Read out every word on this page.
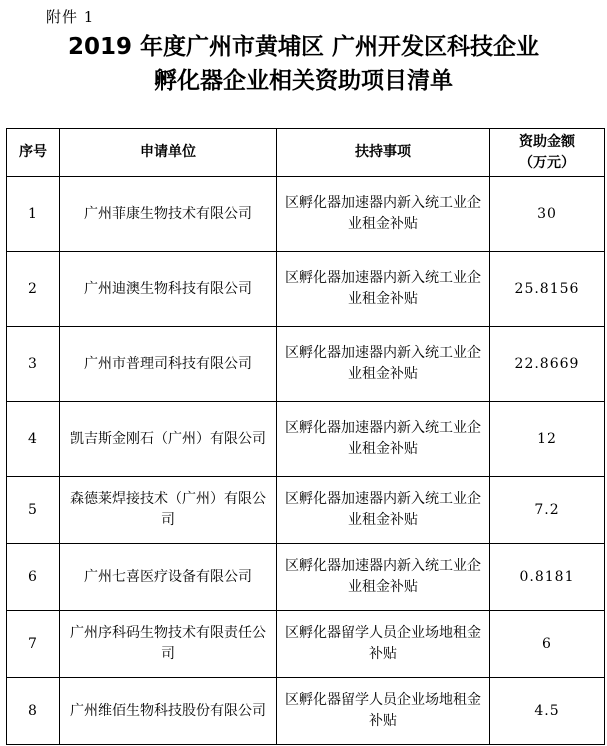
附件 1
2019 年度广州市黄埔区 广州开发区科技企业
孵化器企业相关资助项目清单
序号	申请单位	扶持事项	资助金额
（万元）

1	广州菲康生物技术有限公司	区孵化器加速器内新入统工业企业租金补贴	30
2	广州迪澳生物科技有限公司	区孵化器加速器内新入统工业企业租金补贴	25.8156
3	广州市普理司科技有限公司	区孵化器加速器内新入统工业企业租金补贴	22.8669
4	凯吉斯金刚石（广州）有限公司	区孵化器加速器内新入统工业企业租金补贴	12
5	森德莱焊接技术（广州）有限公司	区孵化器加速器内新入统工业企业租金补贴	7.2
6	广州七喜医疗设备有限公司	区孵化器加速器内新入统工业企业租金补贴	0.8181
7	广州序科码生物技术有限责任公司	区孵化器留学人员企业场地租金补贴	6
8	广州维佰生物科技股份有限公司	区孵化器留学人员企业场地租金补贴	4.5
